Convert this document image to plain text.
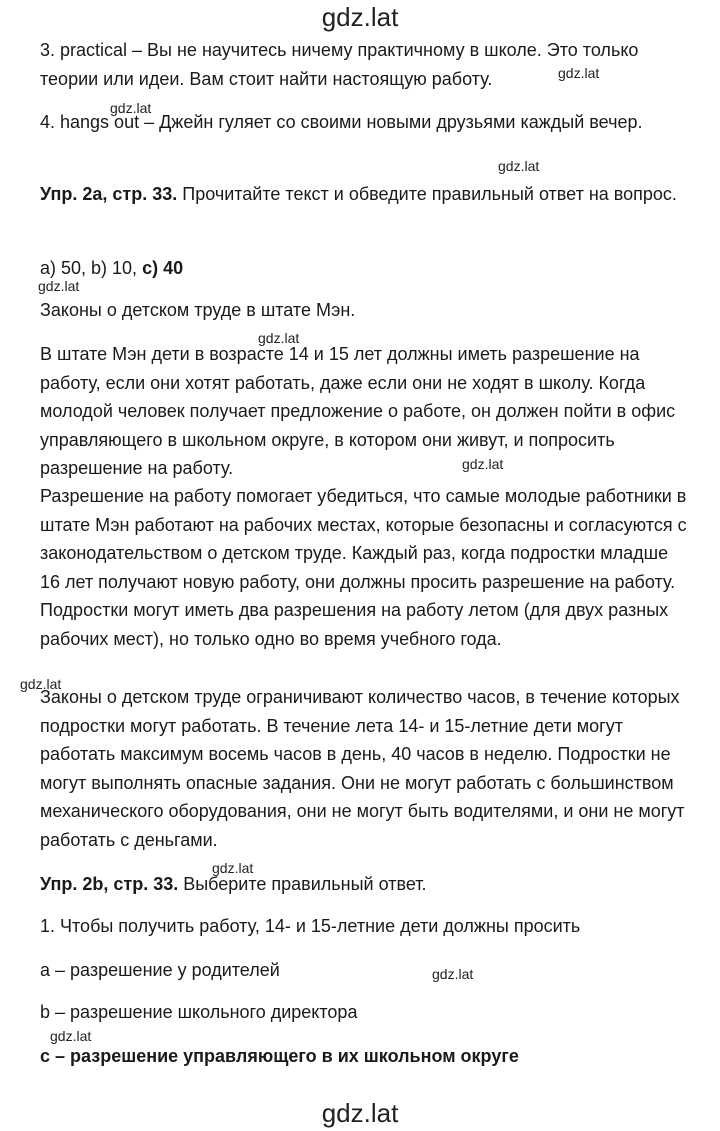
gdz.lat

3. practical – Вы не научитесь ничему практичному в школе. Это только теории или идеи. Вам стоит найти настоящую работу.	gdz.lat
gdz.lat

4. hangs out – Джейн гуляет со своими новыми друзьями каждый вечер.

gdz.lat

Упр. 2a, стр. 33. Прочитайте текст и обведите правильный ответ на вопрос.

a) 50, b) 10, c) 40

gdz.lat

Законы о детском труде в штате Мэн.

gdz.lat

В штате Мэн дети в возрасте 14 и 15 лет должны иметь разрешение на работу, если они хотят работать, даже если они не ходят в школу. Когда молодой человек получает предложение о работе, он должен пойти в офис управляющего в школьном округе, в котором они живут, и попросить разрешение на работу.	gdz.lat

Разрешение на работу помогает убедиться, что самые молодые работники в штате Мэн работают на рабочих местах, которые безопасны и согласуются с законодательством о детском труде. Каждый раз, когда подростки младше 16 лет получают новую работу, они должны просить разрешение на работу. Подростки могут иметь два разрешения на работу летом (для двух разных рабочих мест), но только одно во время учебного года.

gdz.lat

Законы о детском труде ограничивают количество часов, в течение которых подростки могут работать. В течение лета 14- и 15-летние дети могут работать максимум восемь часов в день, 40 часов в неделю. Подростки не могут выполнять опасные задания. Они не могут работать с большинством механического оборудования, они не могут быть водителями, и они не могут работать с деньгами.

gdz.lat

Упр. 2b, стр. 33. Выберите правильный ответ.

1. Чтобы получить работу, 14- и 15-летние дети должны просить

a – разрешение у родителей	gdz.lat

b – разрешение школьного директора

gdz.lat

c – разрешение управляющего в их школьном округе

gdz.lat
